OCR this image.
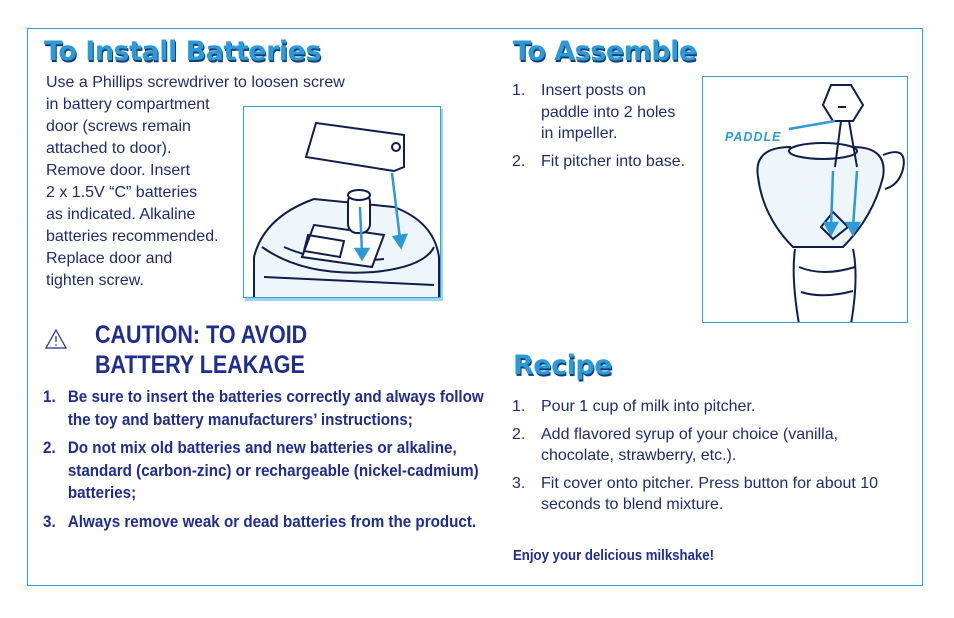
To Install Batteries

Use a Phillips screwdriver to loosen screw

in battery compartment

door (screws remain

attached to door).

Remove door. Insert

2 x 1.5V “C” batteries

as indicated. Alkaline

batteries recommended.

Replace door and

tighten screw.

CAUTION: TO AVOID BATTERY LEAKAGE
1. Be sure to insert the batteries correctly and always follow the toy and battery manufacturers’ instructions;
2. Do not mix old batteries and new batteries or alkaline, standard (carbon-zinc) or rechargeable (nickel-cadmium) batteries;
3. Always remove weak or dead batteries from the product.
To Assemble
1. Insert posts on paddle into 2 holes in impeller.
2. Fit pitcher into base.

PADDLE

Recipe
1. Pour 1 cup of milk into pitcher.
2. Add flavored syrup of your choice (vanilla, chocolate, strawberry, etc.).
3. Fit cover onto pitcher. Press button for about 10 seconds to blend mixture.

Enjoy your delicious milkshake!
